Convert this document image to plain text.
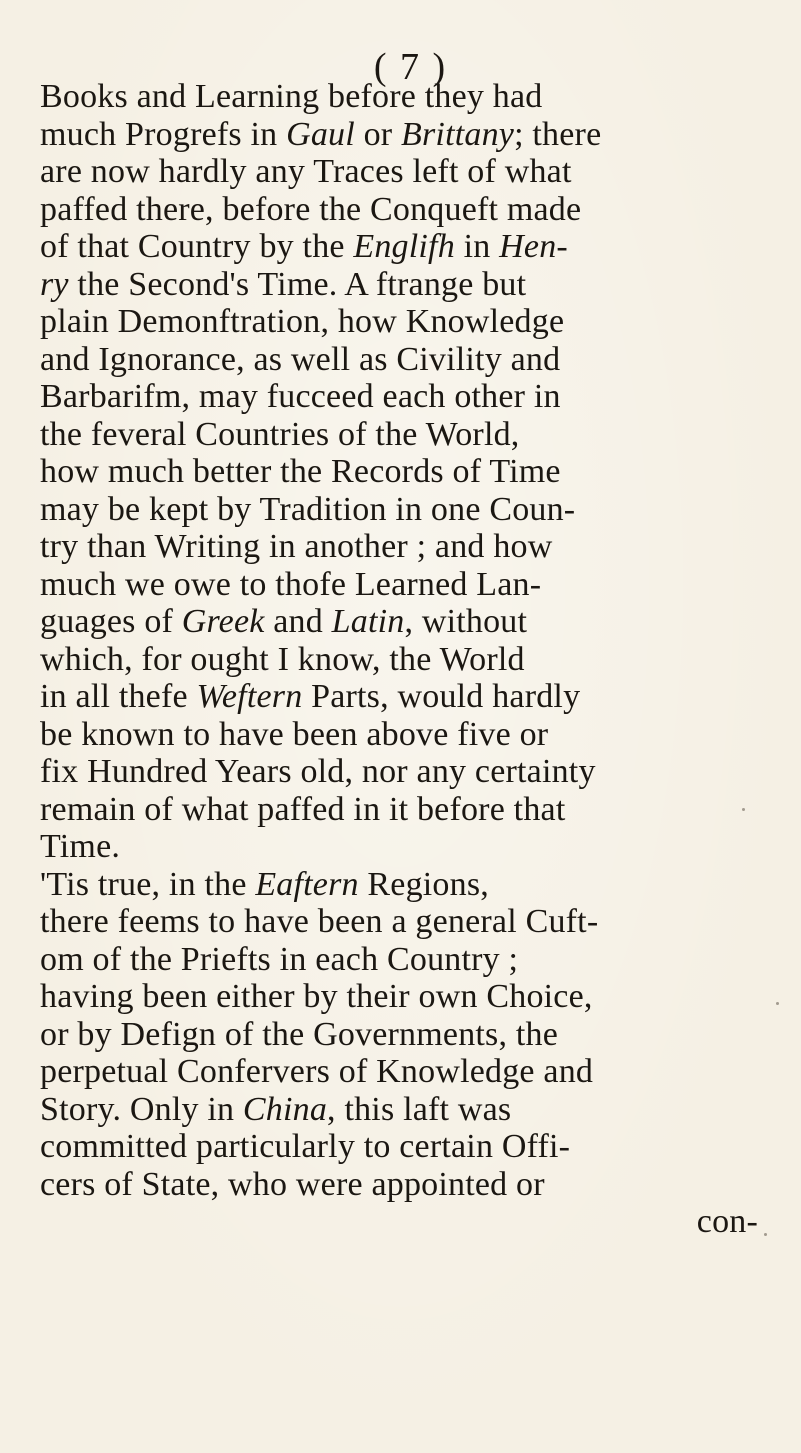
( 7 )
Books and Learning before they had
much Progrefs in Gaul or Brittany; there
are now hardly any Traces left of what
paffed there, before the Conqueft made
of that Country by the Englifh in Hen-
ry the Second's Time. A ftrange but
plain Demonftration, how Knowledge
and Ignorance, as well as Civility and
Barbarifm, may fucceed each other in
the feveral Countries of the World,
how much better the Records of Time
may be kept by Tradition in one Coun-
try than Writing in another ; and how
much we owe to thofe Learned Lan-
guages of Greek and Latin, without
which, for ought I know, the World
in all thefe Weftern Parts, would hardly
be known to have been above five or
fix Hundred Years old, nor any certainty
remain of what paffed in it before that
Time.
'Tis true, in the Eaftern Regions,
there feems to have been a general Cuft-
om of the Priefts in each Country ;
having been either by their own Choice,
or by Defign of the Governments, the
perpetual Confervers of Knowledge and
Story. Only in China, this laft was
committed particularly to certain Offi-
cers of State, who were appointed or
con-
